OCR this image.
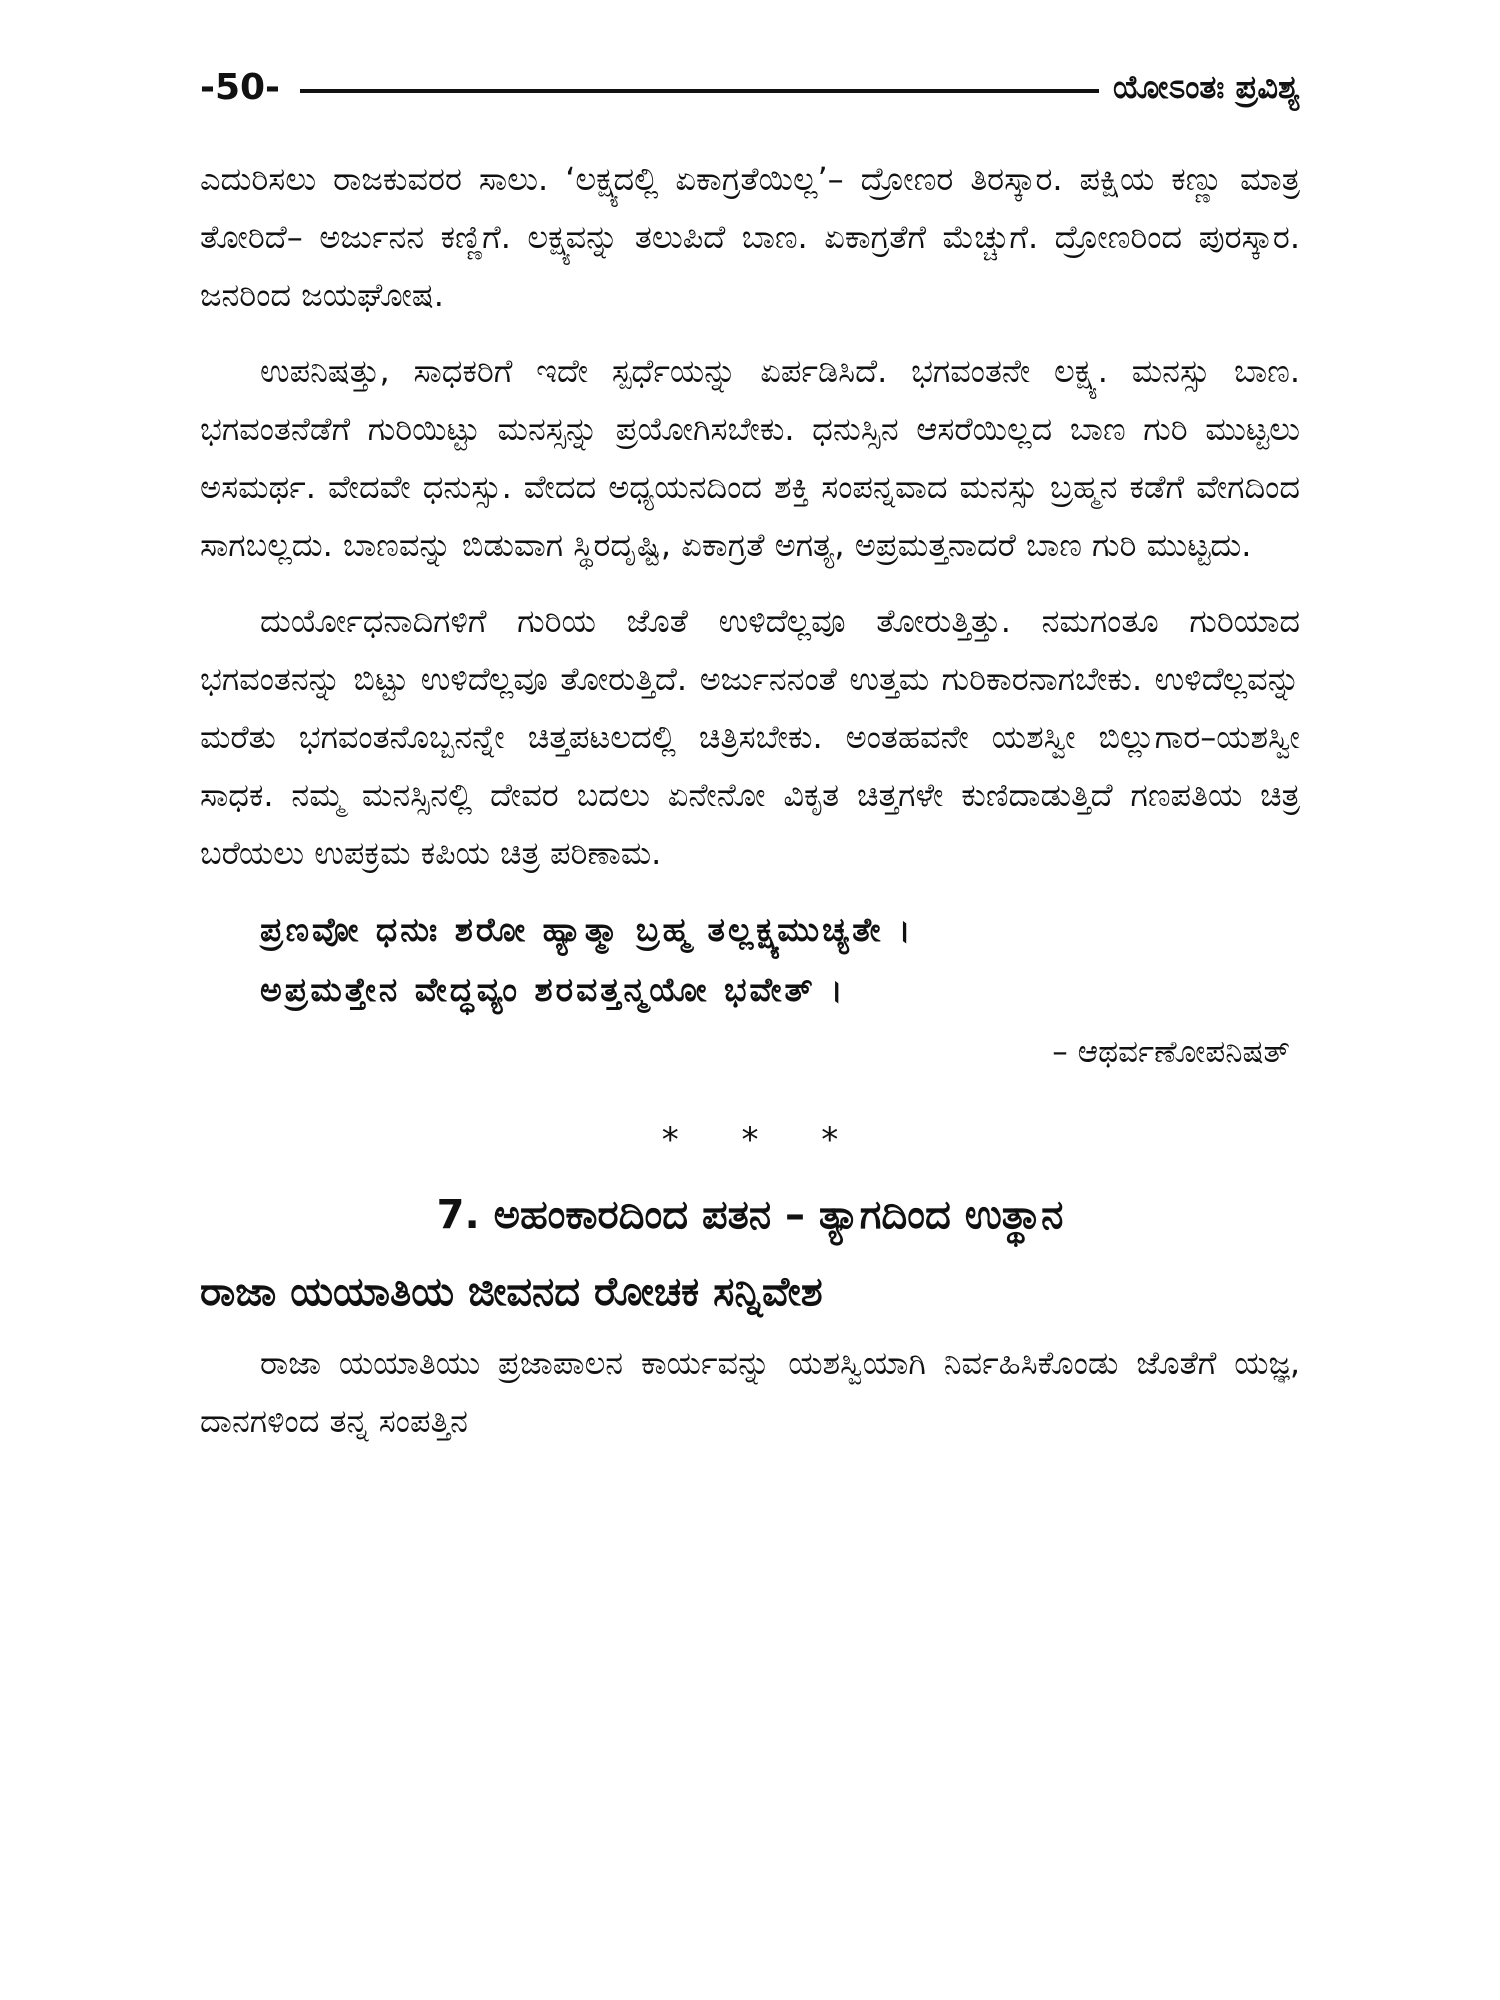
-50-	ಯೋಽಂತಃ ಪ್ರವಿಶ್ಯ

ಎದುರಿಸಲು ರಾಜಕುವರರ ಸಾಲು. ‘ಲಕ್ಷ್ಯದಲ್ಲಿ ಏಕಾಗ್ರತೆಯಿಲ್ಲ’– ದ್ರೋಣರ ತಿರಸ್ಕಾರ. ಪಕ್ಷಿಯ ಕಣ್ಣು ಮಾತ್ರ ತೋರಿದೆ– ಅರ್ಜುನನ ಕಣ್ಣಿಗೆ. ಲಕ್ಷ್ಯವನ್ನು ತಲುಪಿದೆ ಬಾಣ. ಏಕಾಗ್ರತೆಗೆ ಮೆಚ್ಚುಗೆ. ದ್ರೋಣರಿಂದ ಪುರಸ್ಕಾರ. ಜನರಿಂದ ಜಯಘೋಷ.

ಉಪನಿಷತ್ತು, ಸಾಧಕರಿಗೆ ಇದೇ ಸ್ಪರ್ಧೆಯನ್ನು ಏರ್ಪಡಿಸಿದೆ. ಭಗವಂತನೇ ಲಕ್ಷ್ಯ. ಮನಸ್ಸು ಬಾಣ. ಭಗವಂತನೆಡೆಗೆ ಗುರಿಯಿಟ್ಟು ಮನಸ್ಸನ್ನು ಪ್ರಯೋಗಿಸಬೇಕು. ಧನುಸ್ಸಿನ ಆಸರೆಯಿಲ್ಲದ ಬಾಣ ಗುರಿ ಮುಟ್ಟಲು ಅಸಮರ್ಥ. ವೇದವೇ ಧನುಸ್ಸು. ವೇದದ ಅಧ್ಯಯನದಿಂದ ಶಕ್ತಿ ಸಂಪನ್ನವಾದ ಮನಸ್ಸು ಬ್ರಹ್ಮನ ಕಡೆಗೆ ವೇಗದಿಂದ ಸಾಗಬಲ್ಲದು. ಬಾಣವನ್ನು ಬಿಡುವಾಗ ಸ್ಥಿರದೃಷ್ಟಿ, ಏಕಾಗ್ರತೆ ಅಗತ್ಯ, ಅಪ್ರಮತ್ತನಾದರೆ ಬಾಣ ಗುರಿ ಮುಟ್ಟದು.

ದುರ್ಯೋಧನಾದಿಗಳಿಗೆ ಗುರಿಯ ಜೊತೆ ಉಳಿದೆಲ್ಲವೂ ತೋರುತ್ತಿತ್ತು. ನಮಗಂತೂ ಗುರಿಯಾದ ಭಗವಂತನನ್ನು ಬಿಟ್ಟು ಉಳಿದೆಲ್ಲವೂ ತೋರುತ್ತಿದೆ. ಅರ್ಜುನನಂತೆ ಉತ್ತಮ ಗುರಿಕಾರನಾಗಬೇಕು. ಉಳಿದೆಲ್ಲವನ್ನು ಮರೆತು ಭಗವಂತನೊಬ್ಬನನ್ನೇ ಚಿತ್ತಪಟಲದಲ್ಲಿ ಚಿತ್ರಿಸಬೇಕು. ಅಂತಹವನೇ ಯಶಸ್ವೀ ಬಿಲ್ಲುಗಾರ–ಯಶಸ್ವೀ ಸಾಧಕ. ನಮ್ಮ ಮನಸ್ಸಿನಲ್ಲಿ ದೇವರ ಬದಲು ಏನೇನೋ ವಿಕೃತ ಚಿತ್ತಗಳೇ ಕುಣಿದಾಡುತ್ತಿದೆ ಗಣಪತಿಯ ಚಿತ್ರ ಬರೆಯಲು ಉಪಕ್ರಮ ಕಪಿಯ ಚಿತ್ರ ಪರಿಣಾಮ.

ಪ್ರಣವೋ ಧನುಃ ಶರೋ ಹ್ಯಾತ್ಮಾ ಬ್ರಹ್ಮ ತಲ್ಲಕ್ಷ್ಯಮುಚ್ಯತೇ ।
ಅಪ್ರಮತ್ತೇನ ವೇದ್ಧವ್ಯಂ ಶರವತ್ತನ್ಮಯೋ ಭವೇತ್ ।
– ಆಥರ್ವಣೋಪನಿಷತ್
* * *
7. ಅಹಂಕಾರದಿಂದ ಪತನ – ತ್ಯಾಗದಿಂದ ಉತ್ಥಾನ
ರಾಜಾ ಯಯಾತಿಯ ಜೀವನದ ರೋಚಕ ಸನ್ನಿವೇಶ

ರಾಜಾ ಯಯಾತಿಯು ಪ್ರಜಾಪಾಲನ ಕಾರ್ಯವನ್ನು ಯಶಸ್ವಿಯಾಗಿ ನಿರ್ವಹಿಸಿಕೊಂಡು ಜೊತೆಗೆ ಯಜ್ಞ, ದಾನಗಳಿಂದ ತನ್ನ ಸಂಪತ್ತಿನ
